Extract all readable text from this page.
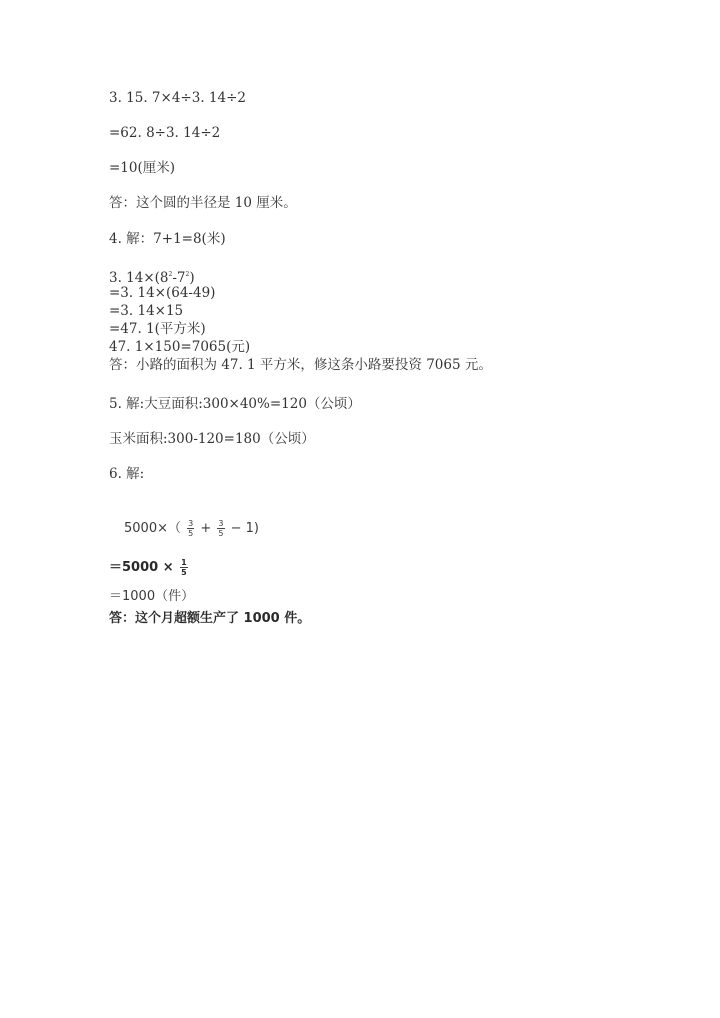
3. 15. 7×4÷3. 14÷2
=62. 8÷3. 14÷2
=10(厘米)
答：这个圆的半径是 10 厘米。
4. 解：7+1=8(米)
3. $14\times(8^2-7^2)$
=3. 14×(64-49)
=3. 14×15
=47. 1(平方米)
47. 1×150=7065(元)
答：小路的面积为 47. 1 平方米，修这条小路要投资 7065 元。
5. 解:大豆面积:300×40%=120（公顷）
玉米面积:300-120=180（公顷）
6. 解:
$5000\times( \frac{3}{5} + \frac{3}{5} - 1)$
$=5000 \times \frac{1}{5}$
＝1000（件）
答：这个月超额生产了 1000 件。
